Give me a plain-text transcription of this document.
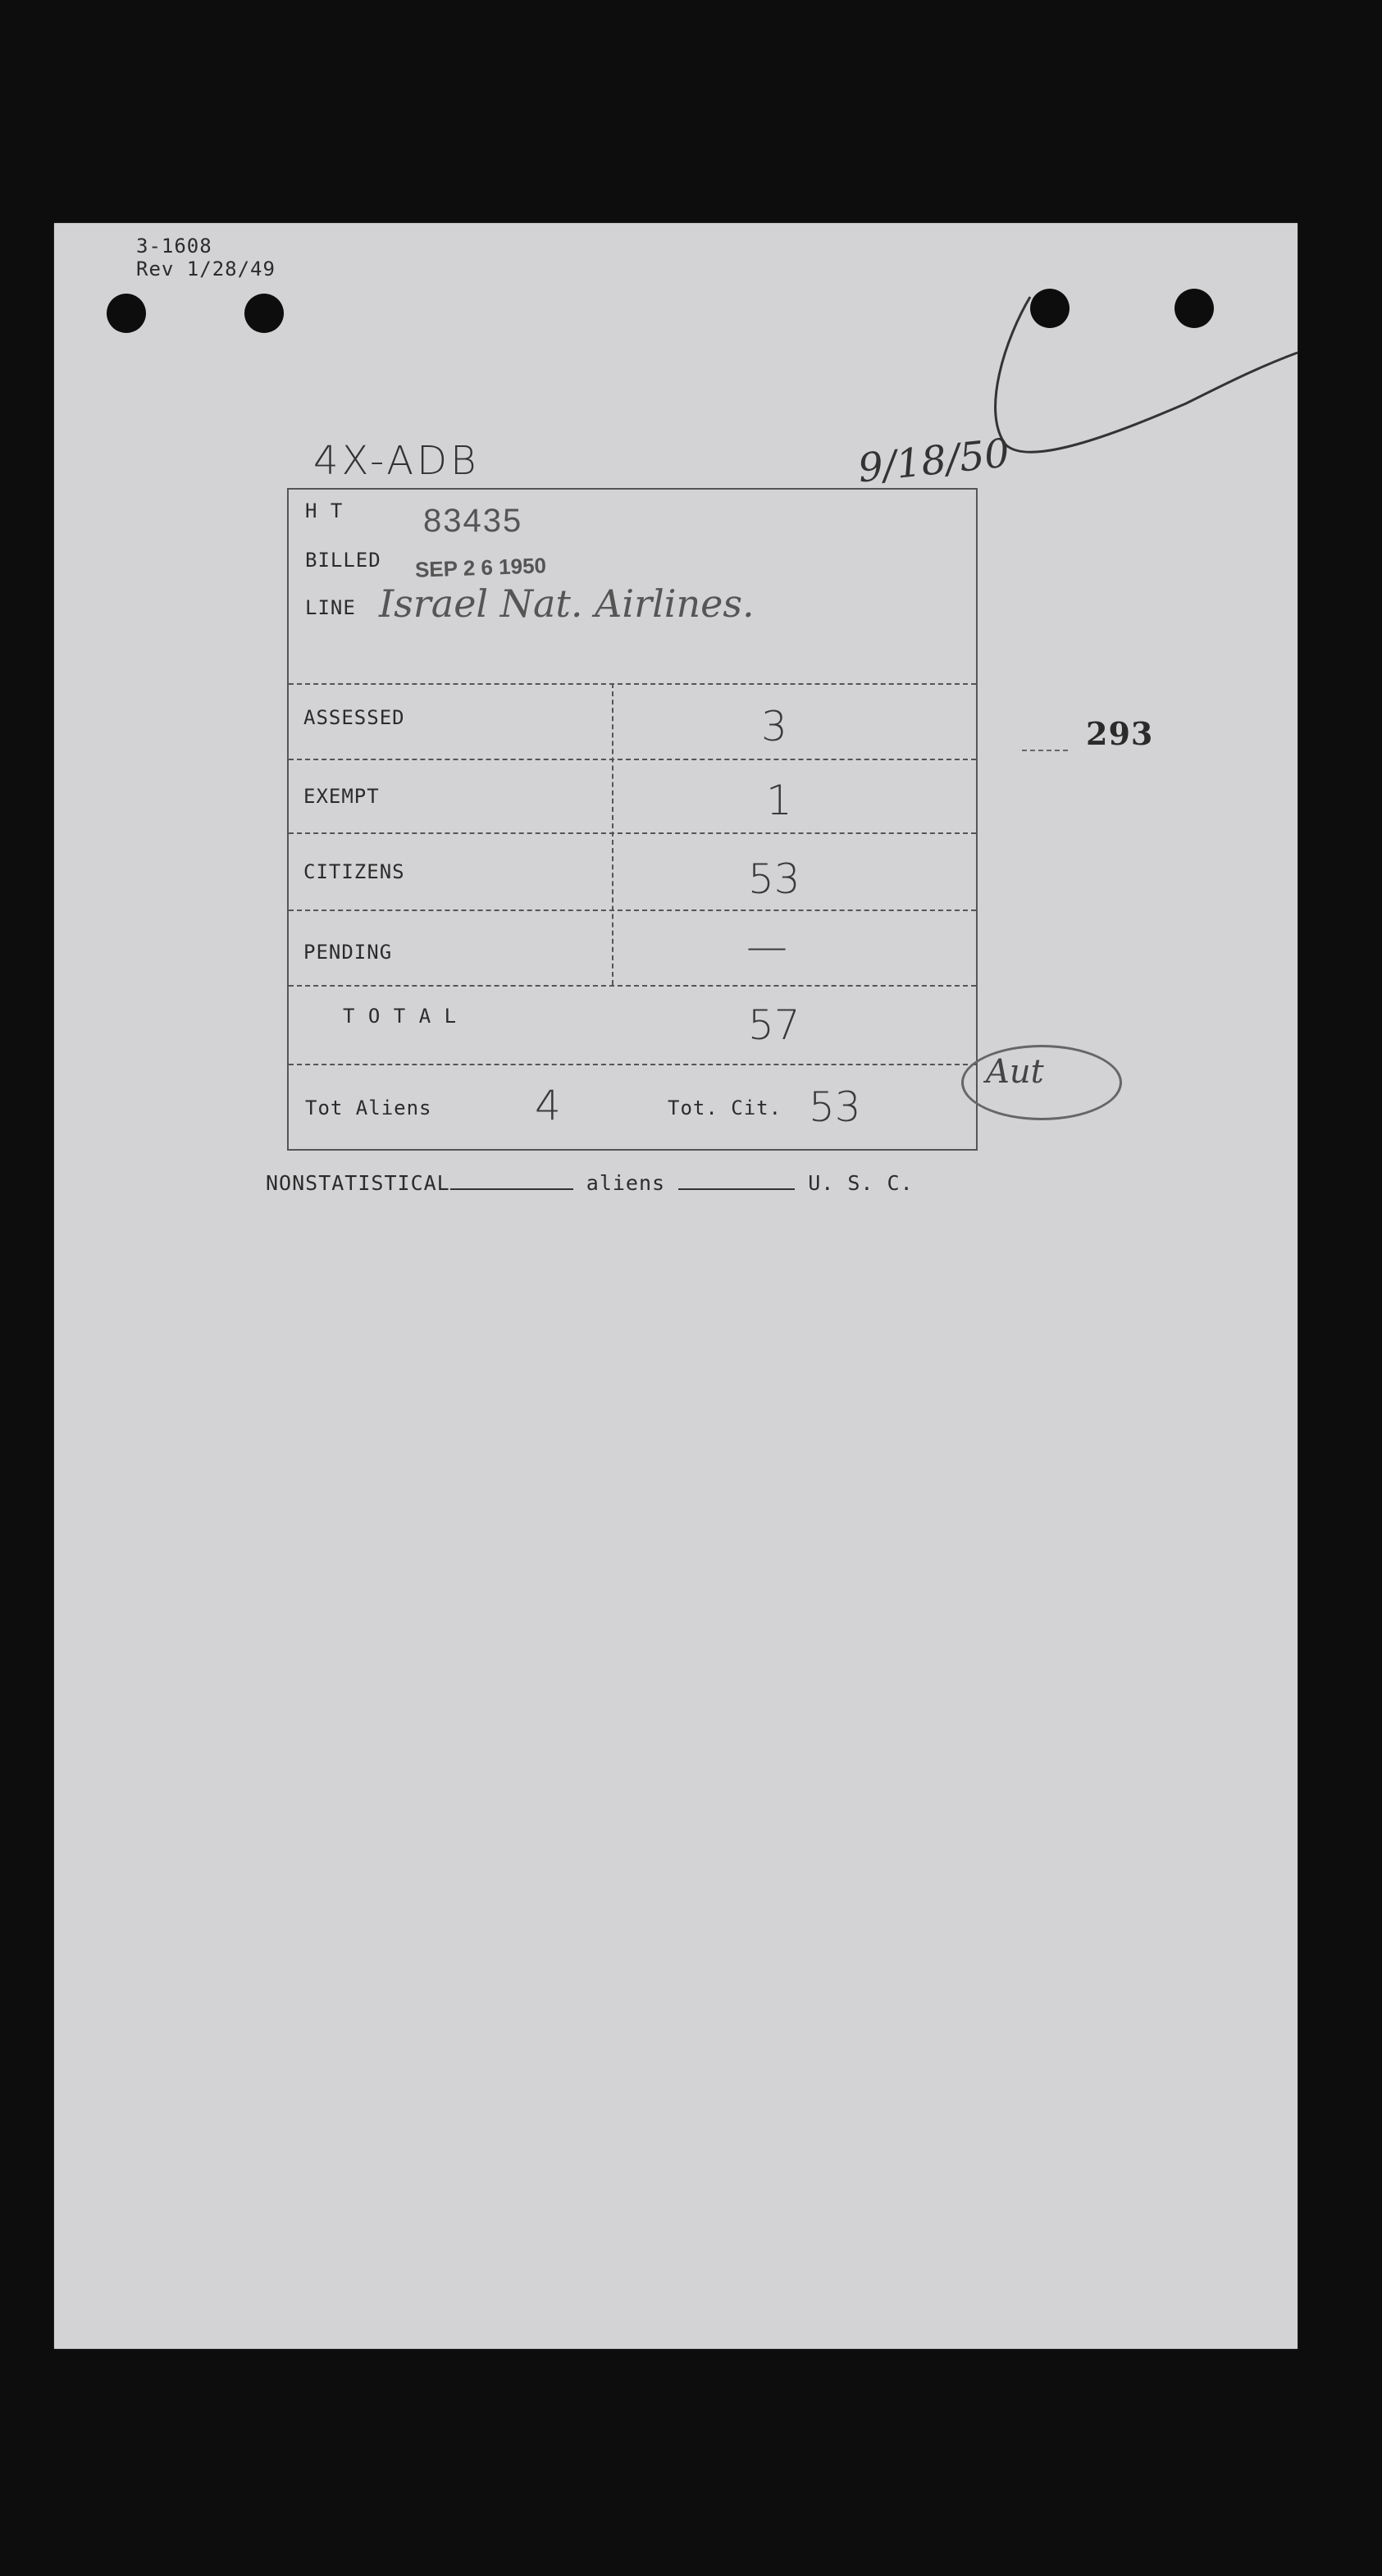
3-1608
Rev 1/28/49
4X-ADB	9/18/50
293
H T 83435
BILLED SEP 2 6 1950
LINE Israel Nat. Airlines.
ASSESSED	3
EXEMPT	1
CITIZENS	53
PENDING	—
T O T A L	57
Tot Aliens	4	Tot. Cit. 53
Aut
NONSTATISTICAL	aliens	U. S. C.
